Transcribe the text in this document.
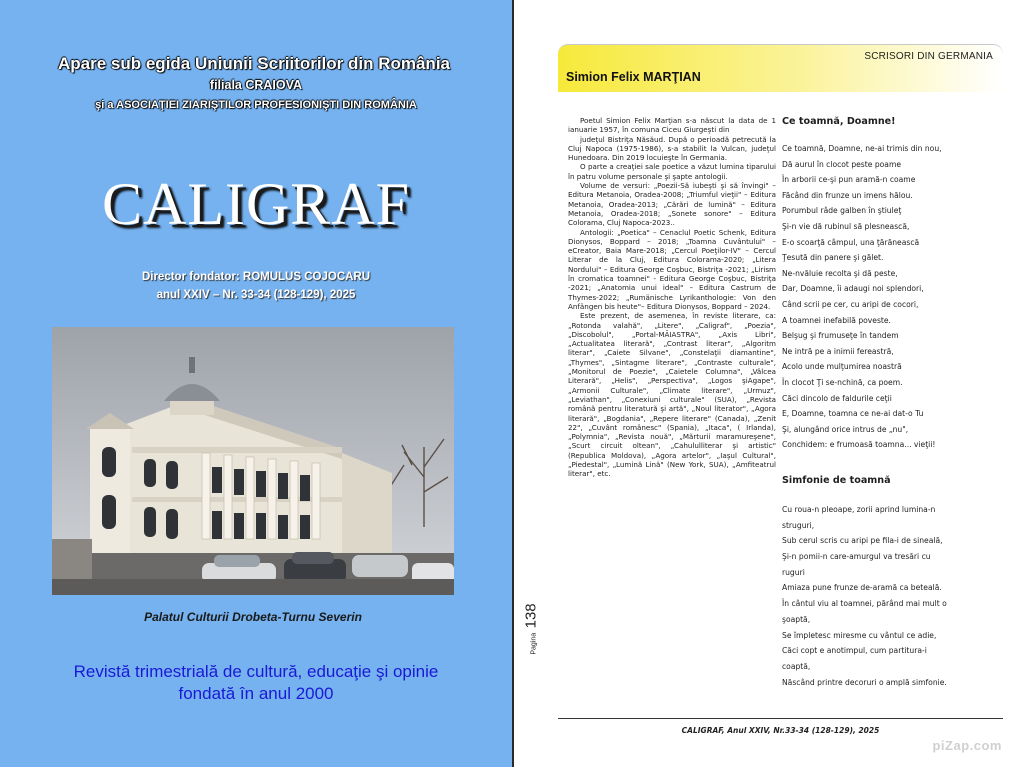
Apare sub egida Uniunii Scriitorilor din România
filiala CRAIOVA
şi a ASOCIAŢIEI ZIARIŞTILOR PROFESIONIŞTI DIN ROMÂNIA
CALIGRAF
Director fondator: ROMULUS COJOCARU
anul XXIV – Nr. 33-34 (128-129), 2025
Palatul Culturii Drobeta-Turnu Severin
Revistă trimestrială de cultură, educaţie şi opinie
fondată în anul 2000
SCRISORI DIN GERMANIA
Simion Felix MARŢIAN

Poetul Simion Felix Marţian s-a născut la data de 1 ianuarie 1957, în comuna Ciceu Giurgeşti din

judeţul Bistriţa Năsăud. După o perioadă petrecută la Cluj Napoca (1975-1986), s-a stabilit la Vulcan, judeţul Hunedoara. Din 2019 locuieşte în Germania.

O parte a creaţiei sale poetice a văzut lumina tiparului în patru volume personale şi şapte antologii.

Volume de versuri: „Poezii-Să iubeşti şi să învingi" – Editura Metanoia, Oradea-2008; „Triumful vieţii" – Editura Metanoia, Oradea-2013; „Cărări de lumină" – Editura Metanoia, Oradea-2018; „Sonete sonore" – Editura Colorama, Cluj Napoca-2023..

Antologii: „Poetica" – Cenaclul Poetic Schenk, Editura Dionysos, Boppard – 2018; „Toamna Cuvântului" – eCreator, Baia Mare-2018; „Cercul Poeţilor-IV" – Cercul Literar de la Cluj, Editura Colorama-2020; „Litera Nordului" – Editura George Coşbuc, Bistriţa -2021; „Lirism în cromatica toamnei" - Editura George Coşbuc, Bistriţa -2021; „Anatomia unui ideal" – Editura Castrum de Thymes-2022; „Rumänische Lyrikanthologie: Von den Anfängen bis heute"– Editura Dionysos, Boppard – 2024.

Este prezent, de asemenea, în reviste literare, ca: „Rotonda valahă", „Litere", „Caligraf", „Poezia", „Discobolul", „Portal-MĂIASTRA", „Axis Libri", „Actualitatea literară", „Contrast literar", „Algoritm literar", „Caiete Silvane", „Constelaţii diamantine", „Thymes", „Sintagme literare", „Contraste culturale", „Monitorul de Poezie", „Caietele Columna", „Vâlcea Literară", „Helis", „Perspectiva", „Logos şiAgape", „Armonii Culturale", „Climate literare", „Urmuz", „Leviathan", „Conexiuni culturale" (SUA), „Revista română pentru literatură şi artă", „Noul literator", „Agora literară", „Bogdania", „Repere literare" (Canada), „Zenit 22", „Cuvânt românesc" (Spania), „Itaca", ( Irlanda), „Polymnia", „Revista nouă", „Mărturii maramureşene", „Scurt circuit oltean", „Cahululliterar şi artistic" (Republica Moldova), „Agora artelor", „Iaşul Cultural", „Piedestal", „Lumină Lină" (New York, SUA), „Amfiteatrul literar", etc.

Pagina 138
Ce toamnă, Doamne!
Ce toamnă, Doamne, ne-ai trimis din nou,
Dă aurul în clocot peste poame
În arborii ce-şi pun aramă-n coame
Făcând din frunze un imens hălou.
Porumbul râde galben în ştiuleţ
Şi-n vie dă rubinul să plesnească,
E-o scoarţă câmpul, una ţărănească
Ţesută din panere şi gălet.
Ne-nvăluie recolta şi dă peste,
Dar, Doamne, îi adaugi noi splendori,
Când scrii pe cer, cu aripi de cocori,
A toamnei inefabilă poveste.
Belşug şi frumuseţe în tandem
Ne intră pe a inimii fereastră,
Acolo unde mulţumirea noastră
În clocot Ţi se-nchină, ca poem.
Căci dincolo de faldurile ceţii
E, Doamne, toamna ce ne-ai dat-o Tu
Şi, alungând orice intrus de „nu",
Conchidem: e frumoasă toamna... vieţii!
Simfonie de toamnă
Cu roua-n pleoape, zorii aprind lumina-n
struguri,
Sub cerul scris cu aripi pe fila-i de sineală,
Şi-n pomii-n care-amurgul va tresări cu
ruguri
Amiaza pune frunze de-aramă ca beteală.
În cântul viu al toamnei, părând mai mult o
şoaptă,
Se împletesc miresme cu vântul ce adie,
Căci copt e anotimpul, cum partitura-i
coaptă,
Născând printre decoruri o amplă simfonie.
CALIGRAF, Anul XXIV, Nr.33-34 (128-129), 2025
piZap.com
